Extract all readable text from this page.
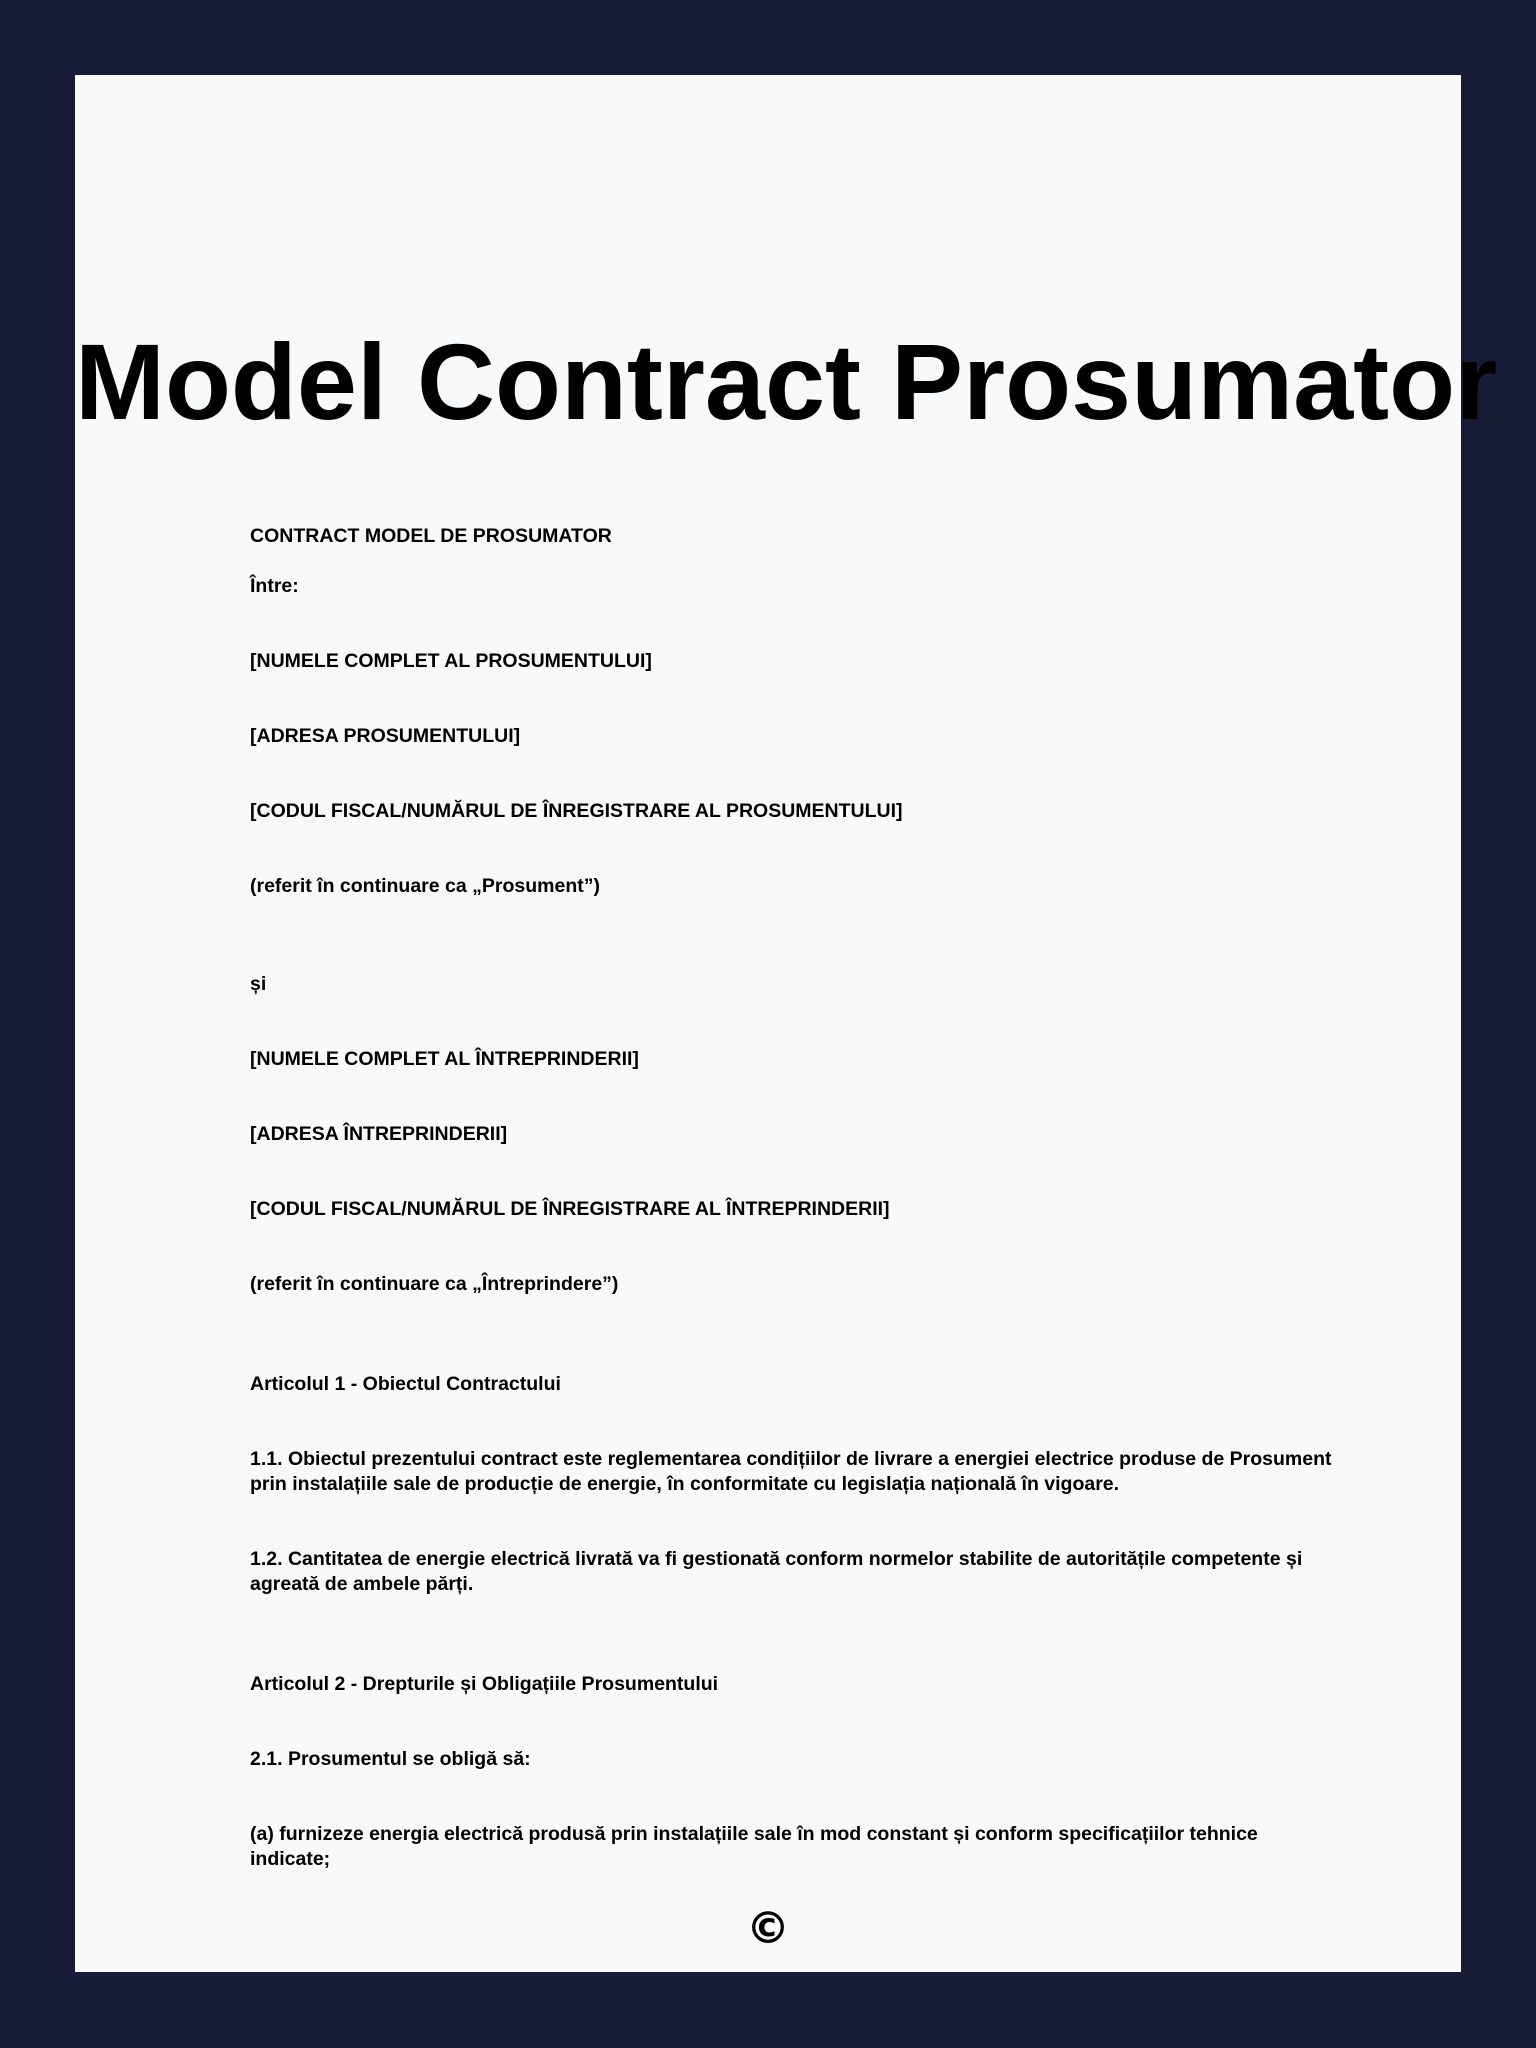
Model Contract Prosumator

CONTRACT MODEL DE PROSUMATOR

Între:

[NUMELE COMPLET AL PROSUMENTULUI]

[ADRESA PROSUMENTULUI]

[CODUL FISCAL/NUMĂRUL DE ÎNREGISTRARE AL PROSUMENTULUI]

(referit în continuare ca „Prosument”)

și

[NUMELE COMPLET AL ÎNTREPRINDERII]

[ADRESA ÎNTREPRINDERII]

[CODUL FISCAL/NUMĂRUL DE ÎNREGISTRARE AL ÎNTREPRINDERII]

(referit în continuare ca „Întreprindere”)

Articolul 1 - Obiectul Contractului

1.1. Obiectul prezentului contract este reglementarea condițiilor de livrare a energiei electrice produse de Prosument prin instalațiile sale de producție de energie, în conformitate cu legislația națională în vigoare.

1.2. Cantitatea de energie electrică livrată va fi gestionată conform normelor stabilite de autoritățile competente și agreată de ambele părți.

Articolul 2 - Drepturile și Obligațiile Prosumentului

2.1. Prosumentul se obligă să:

(a) furnizeze energia electrică produsă prin instalațiile sale în mod constant și conform specificațiilor tehnice indicate;

©
